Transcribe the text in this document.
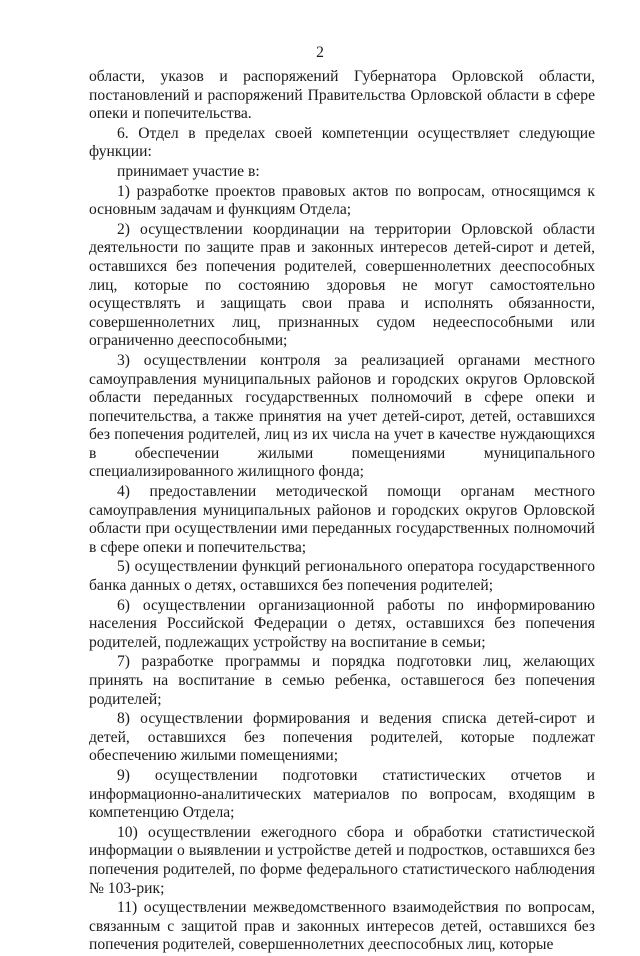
2

области, указов и распоряжений Губернатора Орловской области, постановлений и распоряжений Правительства Орловской области в сфере опеки и попечительства.

6. Отдел в пределах своей компетенции осуществляет следующие функции:

принимает участие в:

1) разработке проектов правовых актов по вопросам, относящимся к основным задачам и функциям Отдела;

2) осуществлении координации на территории Орловской области деятельности по защите прав и законных интересов детей-сирот и детей, оставшихся без попечения родителей, совершеннолетних дееспособных лиц, которые по состоянию здоровья не могут самостоятельно осуществлять и защищать свои права и исполнять обязанности, совершеннолетних лиц, признанных судом недееспособными или ограниченно дееспособными;

3) осуществлении контроля за реализацией органами местного самоуправления муниципальных районов и городских округов Орловской области переданных государственных полномочий в сфере опеки и попечительства, а также принятия на учет детей-сирот, детей, оставшихся без попечения родителей, лиц из их числа на учет в качестве нуждающихся в обеспечении жилыми помещениями муниципального специализированного жилищного фонда;

4) предоставлении методической помощи органам местного самоуправления муниципальных районов и городских округов Орловской области при осуществлении ими переданных государственных полномочий в сфере опеки и попечительства;

5) осуществлении функций регионального оператора государственного банка данных о детях, оставшихся без попечения родителей;

6) осуществлении организационной работы по информированию населения Российской Федерации о детях, оставшихся без попечения родителей, подлежащих устройству на воспитание в семьи;

7) разработке программы и порядка подготовки лиц, желающих принять на воспитание в семью ребенка, оставшегося без попечения родителей;

8) осуществлении формирования и ведения списка детей-сирот и детей, оставшихся без попечения родителей, которые подлежат обеспечению жилыми помещениями;

9) осуществлении подготовки статистических отчетов и информационно-аналитических материалов по вопросам, входящим в компетенцию Отдела;

10) осуществлении ежегодного сбора и обработки статистической информации о выявлении и устройстве детей и подростков, оставшихся без попечения родителей, по форме федерального статистического наблюдения № 103-рик;

11) осуществлении межведомственного взаимодействия по вопросам, связанным с защитой прав и законных интересов детей, оставшихся без попечения родителей, совершеннолетних дееспособных лиц, которые
